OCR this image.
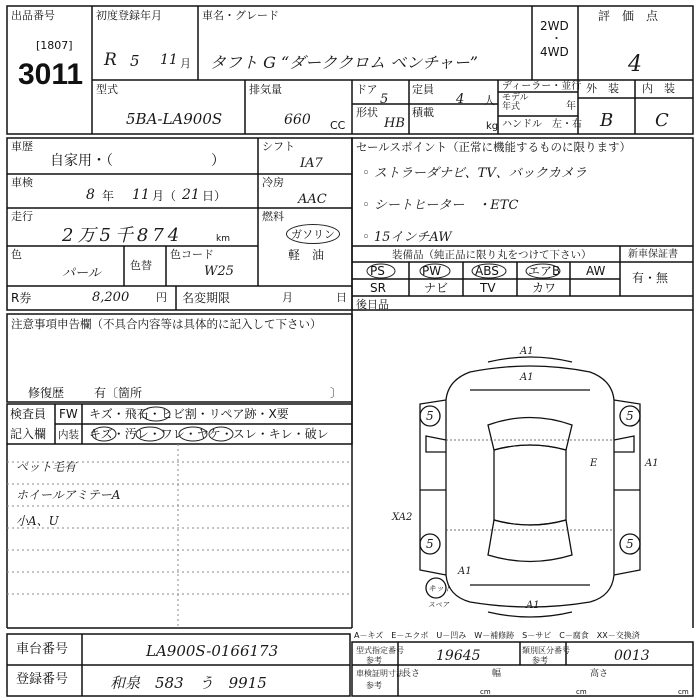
出品番号
[1807]
3011
初度登録年月
R 5 11 月
車名・グレード
タフト G “ダーククロム ベンチャー”
2WD
・
4WD
評　価　点
4
型式
5BA-LA900S
排気量
660 CC
ドア
5
定員
4 人
形状
HB
積載
kg
ディーラー・並行
モデル
年式	年
ハンドル　左・右
外　装 内　装
B C
車歴
自家用・（　　　　　　　）
車検
8 年 11 月（ 21 日）
走行
2万5千874	km
色
パール
色替
色コード
W25
シフト
IA7
冷房
AAC
燃料
ガソリン
軽　油
R券	8,200 円 名変期限	月	日
セールスポイント（正常に機能するものに限ります）
◦ ストラーダナビ、TV、バックカメラ
◦ シートヒーター　・ETC
◦ 15インチAW
装備品（純正品に限り丸をつけて下さい）	新車保証書
PS	PW	ABS エアB AW
SR	ナビ	TV	カワ
有・無
後日品
注意事項申告欄（不具合内容等は具体的に記入して下さい）
修復歴 有〔箇所	〕
検査員
記入欄
FW キズ・飛石・ヒビ割・リペア跡・X要
内装 キズ・汚レ・ワレ・ヤケ・スレ・キレ・破レ
ペット毛有
ホイールアミテーA
小A、U
A1
A1
E	A1
5	5
5	5
XA2
A1
A1
キット
スペア
車台番号	LA900S-0166173
登録番号	和泉　583　う　9915
A－キズ　E－エクボ　U－凹み　W－補修跡　S－サビ　C－腐食　XX－交換済
型式指定番号
参考	19645	類別区分番号
参考	0013
車検証明寸法
参考
長さ
cm
幅
cm
高さ
cm
